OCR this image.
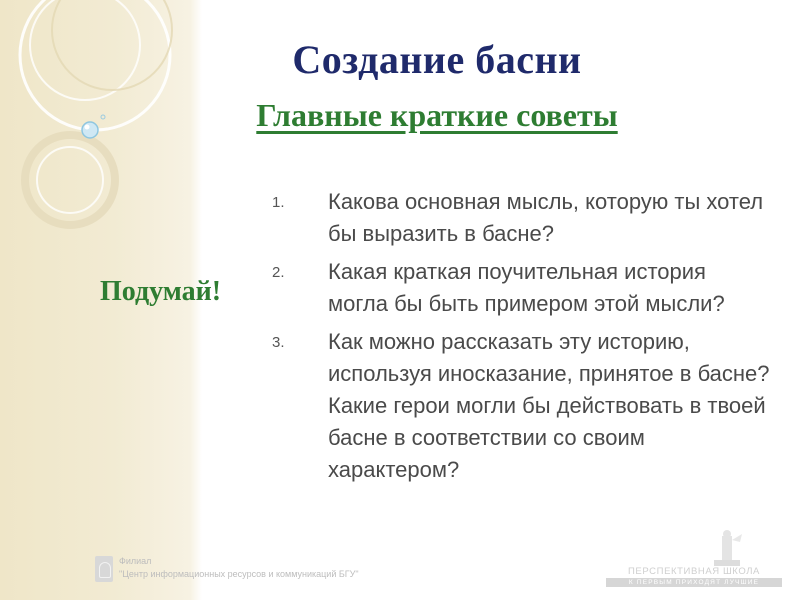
Создание басни
Главные краткие советы
Подумай!
1.	Какова основная мысль, которую ты хотел бы выразить в басне?
2.	Какая краткая поучительная история могла бы быть примером этой мысли?
3.	Как можно рассказать эту историю, используя иносказание, принятое в басне? Какие герои могли бы действовать в твоей басне в соответствии со своим характером?
Филиал
"Центр информационных ресурсов и коммуникаций БГУ"	ПЕРСПЕКТИВНАЯ ШКОЛА
К ПЕРВЫМ ПРИХОДЯТ ЛУЧШИЕ
